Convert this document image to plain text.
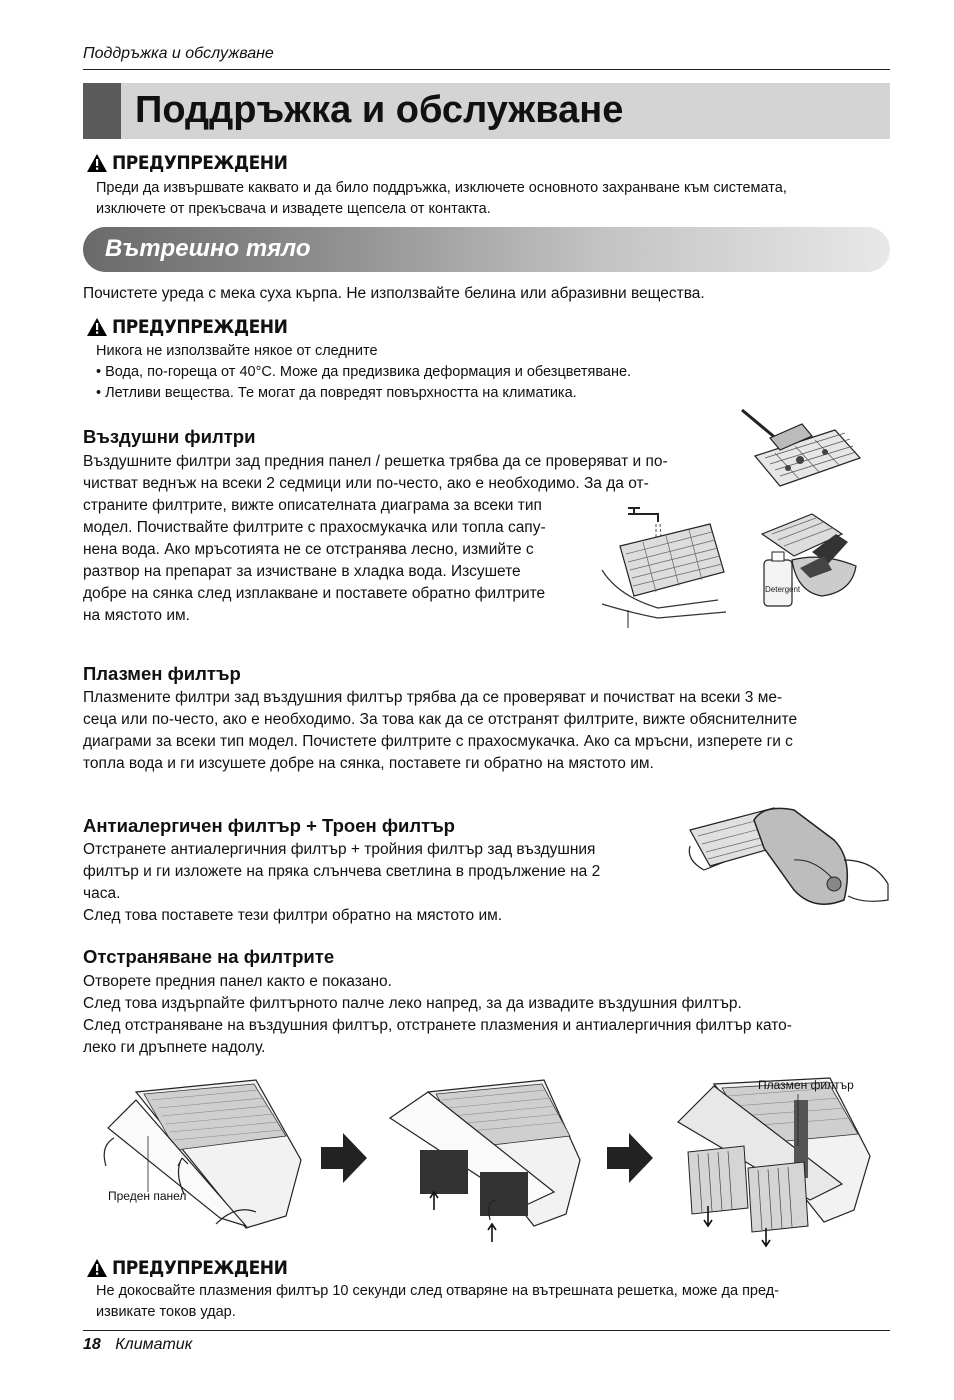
Поддръжка и обслужване
Поддръжка и обслужване
ПРЕДУПРЕЖДЕНИ
Преди да извършвате каквато и да било поддръжка, изключете основното захранване към системата,
изключете от прекъсвача и извадете щепсела от контакта.
Вътрешно тяло
Почистете уреда с мека суха кърпа. Не използвайте белина или абразивни вещества.
ПРЕДУПРЕЖДЕНИ
Никога не използвайте някое от следните
• Вода, по-гореща от 40°C. Може да предизвика деформация и обезцветяване.
• Летливи вещества. Те могат да повредят повърхността на климатика.
Въздушни филтри
Въздушните филтри зад предния панел / решетка трябва да се проверяват и по-
чистват веднъж на всеки 2 седмици или по-често, ако е необходимо. За да от-
страните филтрите, вижте описателната диаграма за всеки тип
модел. Почиствайте филтрите с прахосмукачка или топла сапу-
нена вода. Ако мръсотията не се отстранява лесно, измийте с
разтвор на препарат за изчистване в хладка вода. Изсушете
добре на сянка след изплакване и поставете обратно филтрите
на мястото им.
Detergent
Плазмен филтър
Плазмените филтри зад въздушния филтър трябва да се проверяват и почистват на всеки 3 ме-
сеца или по-често, ако е необходимо. За това как да се отстранят филтрите, вижте обяснителните
диаграми за всеки тип модел. Почистете филтрите с прахосмукачка. Ако са мръсни, изперете ги с
топла вода и ги изсушете добре на сянка, поставете ги обратно на мястото им.
Антиалергичен филтър + Троен филтър
Отстранете антиалергичния филтър + тройния филтър зад въздушния
филтър и ги изложете на пряка слънчева светлина в продължение на 2
часа.
След това поставете тези филтри обратно на мястото им.
Отстраняване на филтрите
Отворете предния панел както е показано.
След това издърпайте филтърното палче леко напред, за да извадите въздушния филтър.
След отстраняване на въздушния филтър, отстранете плазмения и антиалергичния филтър като-
леко ги дръпнете надолу.
Преден панел
Плазмен филтър
ПРЕДУПРЕЖДЕНИ
Не докосвайте плазмения филтър 10 секунди след отваряне на вътрешната решетка, може да пред-
извикате токов удар.
18 Климатик
